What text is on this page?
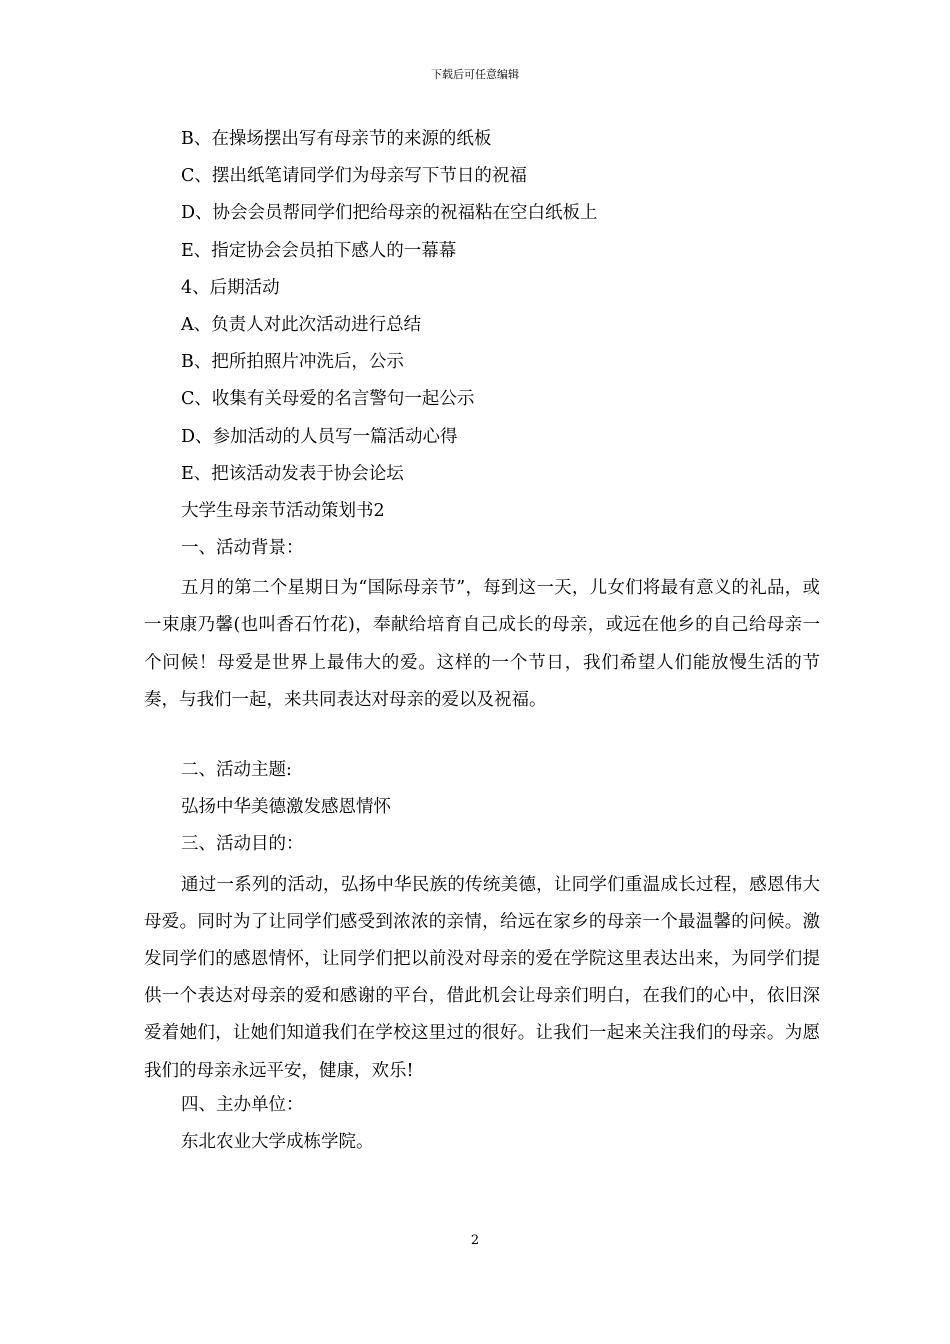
下载后可任意编辑
B、在操场摆出写有母亲节的来源的纸板
C、摆出纸笔请同学们为母亲写下节日的祝福
D、协会会员帮同学们把给母亲的祝福粘在空白纸板上
E、指定协会会员拍下感人的一幕幕
4、后期活动
A、负责人对此次活动进行总结
B、把所拍照片冲洗后，公示
C、收集有关母爱的名言警句一起公示
D、参加活动的人员写一篇活动心得
E、把该活动发表于协会论坛
大学生母亲节活动策划书2
一、活动背景：
五月的第二个星期日为“国际母亲节”，每到这一天，儿女们将最有意义的礼品，或一束康乃馨(也叫香石竹花)，奉献给培育自己成长的母亲，或远在他乡的自己给母亲一个问候！母爱是世界上最伟大的爱。这样的一个节日，我们希望人们能放慢生活的节奏，与我们一起，来共同表达对母亲的爱以及祝福。
二、活动主题:
弘扬中华美德激发感恩情怀
三、活动目的：
通过一系列的活动，弘扬中华民族的传统美德，让同学们重温成长过程，感恩伟大母爱。同时为了让同学们感受到浓浓的亲情，给远在家乡的母亲一个最温馨的问候。激发同学们的感恩情怀，让同学们把以前没对母亲的爱在学院这里表达出来，为同学们提供一个表达对母亲的爱和感谢的平台，借此机会让母亲们明白，在我们的心中，依旧深爱着她们，让她们知道我们在学校这里过的很好。让我们一起来关注我们的母亲。为愿我们的母亲永远平安，健康，欢乐!
四、主办单位：
东北农业大学成栋学院。
2
